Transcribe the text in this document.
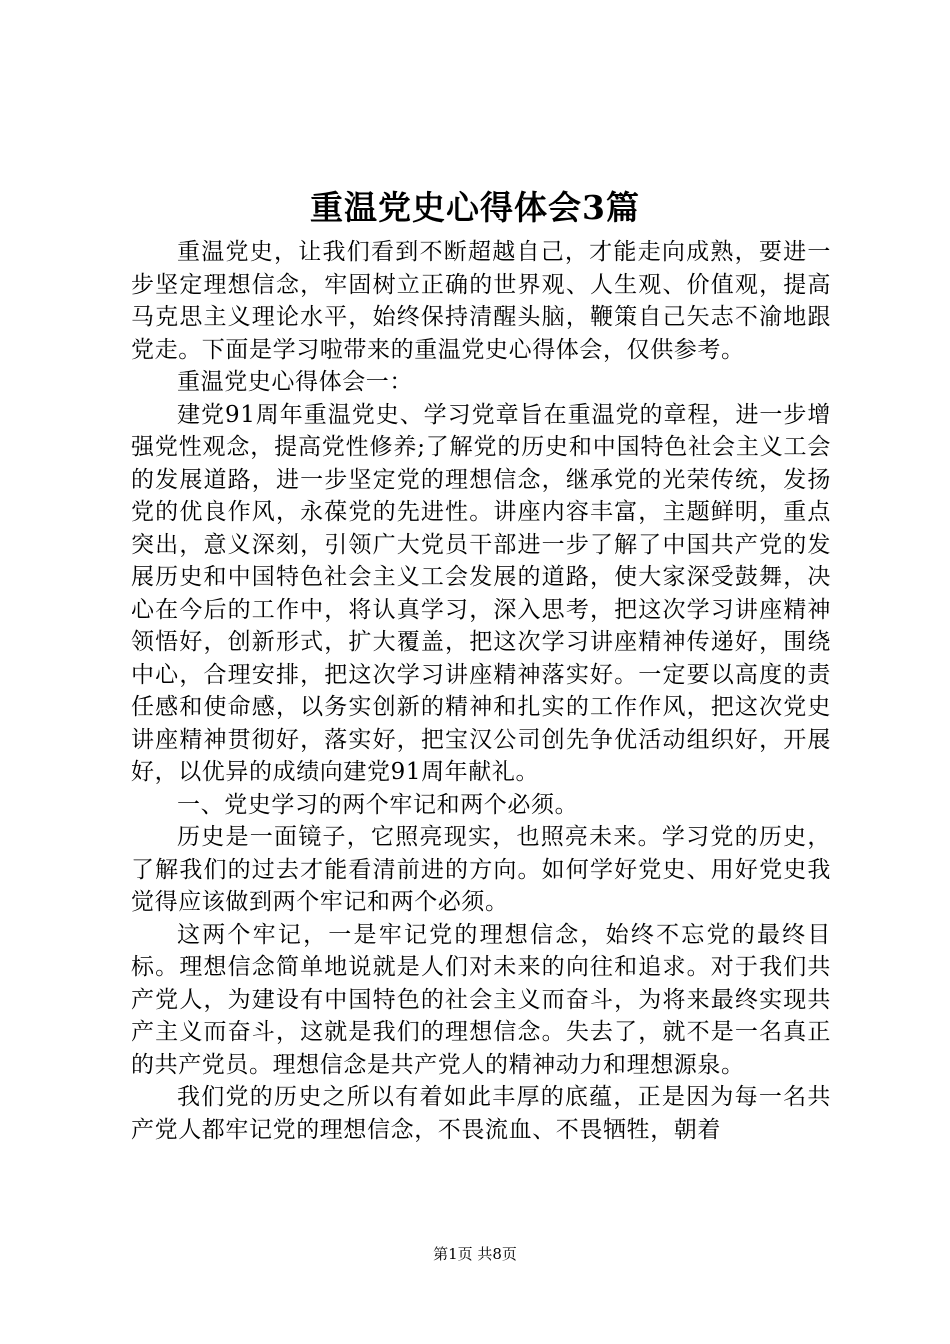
重温党史心得体会3篇

重温党史，让我们看到不断超越自己，才能走向成熟，要进一步坚定理想信念，牢固树立正确的世界观、人生观、价值观，提高马克思主义理论水平，始终保持清醒头脑，鞭策自己矢志不渝地跟党走。下面是学习啦带来的重温党史心得体会，仅供参考。

重温党史心得体会一：

建党91周年重温党史、学习党章旨在重温党的章程，进一步增强党性观念，提高党性修养;了解党的历史和中国特色社会主义工会的发展道路，进一步坚定党的理想信念，继承党的光荣传统，发扬党的优良作风，永葆党的先进性。讲座内容丰富，主题鲜明，重点突出，意义深刻，引领广大党员干部进一步了解了中国共产党的发展历史和中国特色社会主义工会发展的道路，使大家深受鼓舞，决心在今后的工作中，将认真学习，深入思考，把这次学习讲座精神领悟好，创新形式，扩大覆盖，把这次学习讲座精神传递好，围绕中心，合理安排，把这次学习讲座精神落实好。一定要以高度的责任感和使命感，以务实创新的精神和扎实的工作作风，把这次党史讲座精神贯彻好，落实好，把宝汉公司创先争优活动组织好，开展好，以优异的成绩向建党91周年献礼。

一、党史学习的两个牢记和两个必须。

历史是一面镜子，它照亮现实，也照亮未来。学习党的历史，了解我们的过去才能看清前进的方向。如何学好党史、用好党史我觉得应该做到两个牢记和两个必须。

这两个牢记，一是牢记党的理想信念，始终不忘党的最终目标。理想信念简单地说就是人们对未来的向往和追求。对于我们共产党人，为建设有中国特色的社会主义而奋斗，为将来最终实现共产主义而奋斗，这就是我们的理想信念。失去了，就不是一名真正的共产党员。理想信念是共产党人的精神动力和理想源泉。

我们党的历史之所以有着如此丰厚的底蕴，正是因为每一名共产党人都牢记党的理想信念，不畏流血、不畏牺牲，朝着

第1页 共8页
